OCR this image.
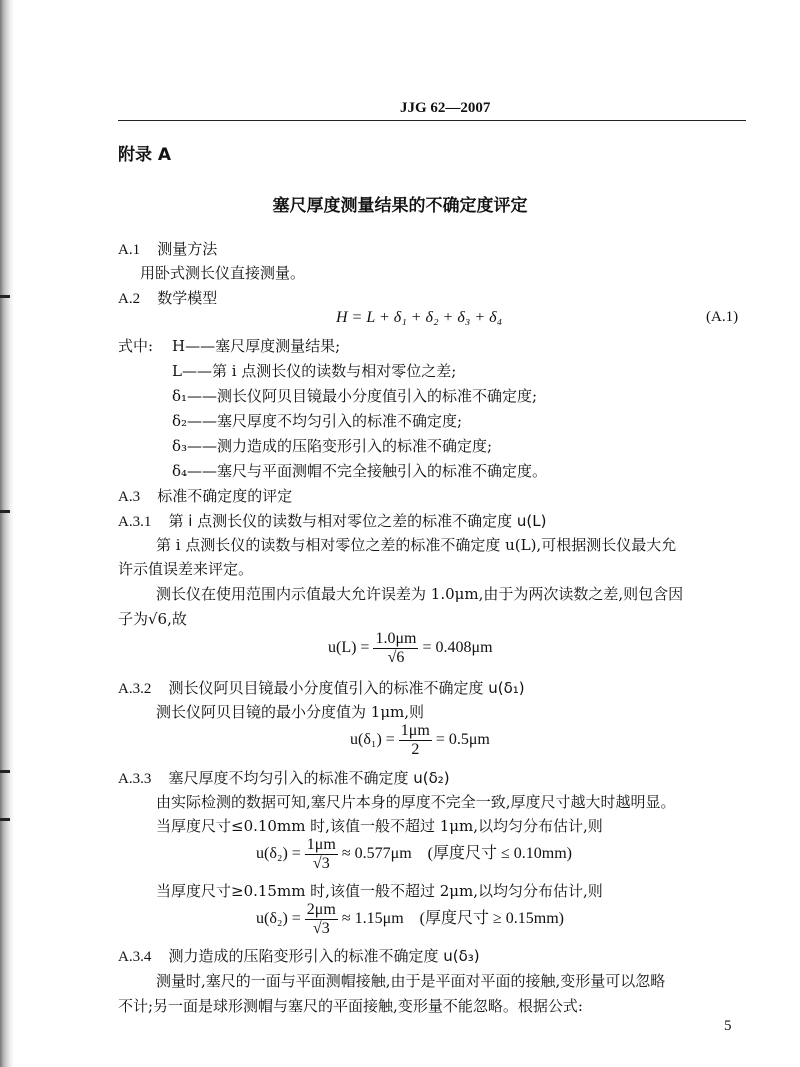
JJG 62—2007
附录 A
塞尺厚度测量结果的不确定度评定
A.1 测量方法
用卧式测长仪直接测量。
A.2 数学模型
H = L + δ₁ + δ₂ + δ₃ + δ₄	(A.1)
式中: H——塞尺厚度测量结果;
L——第 i 点测长仪的读数与相对零位之差;
δ₁——测长仪阿贝目镜最小分度值引入的标准不确定度;
δ₂——塞尺厚度不均匀引入的标准不确定度;
δ₃——测力造成的压陷变形引入的标准不确定度;
δ₄——塞尺与平面测帽不完全接触引入的标准不确定度。
A.3 标准不确定度的评定
A.3.1 第 i 点测长仪的读数与相对零位之差的标准不确定度 u(L)
第 i 点测长仪的读数与相对零位之差的标准不确定度 u(L),可根据测长仪最大允
许示值误差来评定。
测长仪在使用范围内示值最大允许误差为 1.0μm,由于为两次读数之差,则包含因
子为√6,故
$u(L) = \frac{1.0\mu m}{√6} = 0.408\mu m$
A.3.2 测长仪阿贝目镜最小分度值引入的标准不确定度 u(δ₁)
测长仪阿贝目镜的最小分度值为 1μm,则
$u(\delta_1) = \frac{1\mu m}{2} = 0.5\mu m$
A.3.3 塞尺厚度不均匀引入的标准不确定度 u(δ₂)
由实际检测的数据可知,塞尺片本身的厚度不完全一致,厚度尺寸越大时越明显。
当厚度尺寸≤0.10mm 时,该值一般不超过 1μm,以均匀分布估计,则
$u(\delta_2) = \frac{1\mu m}{√3} \approx 0.577\mu m$ (厚度尺寸 ≤ 0.10mm)
当厚度尺寸≥0.15mm 时,该值一般不超过 2μm,以均匀分布估计,则
$u(\delta_2) = \frac{2\mu m}{√3} \approx 1.15\mu m$ (厚度尺寸 ≥ 0.15mm)
A.3.4 测力造成的压陷变形引入的标准不确定度 u(δ₃)
测量时,塞尺的一面与平面测帽接触,由于是平面对平面的接触,变形量可以忽略
不计;另一面是球形测帽与塞尺的平面接触,变形量不能忽略。根据公式:
5
